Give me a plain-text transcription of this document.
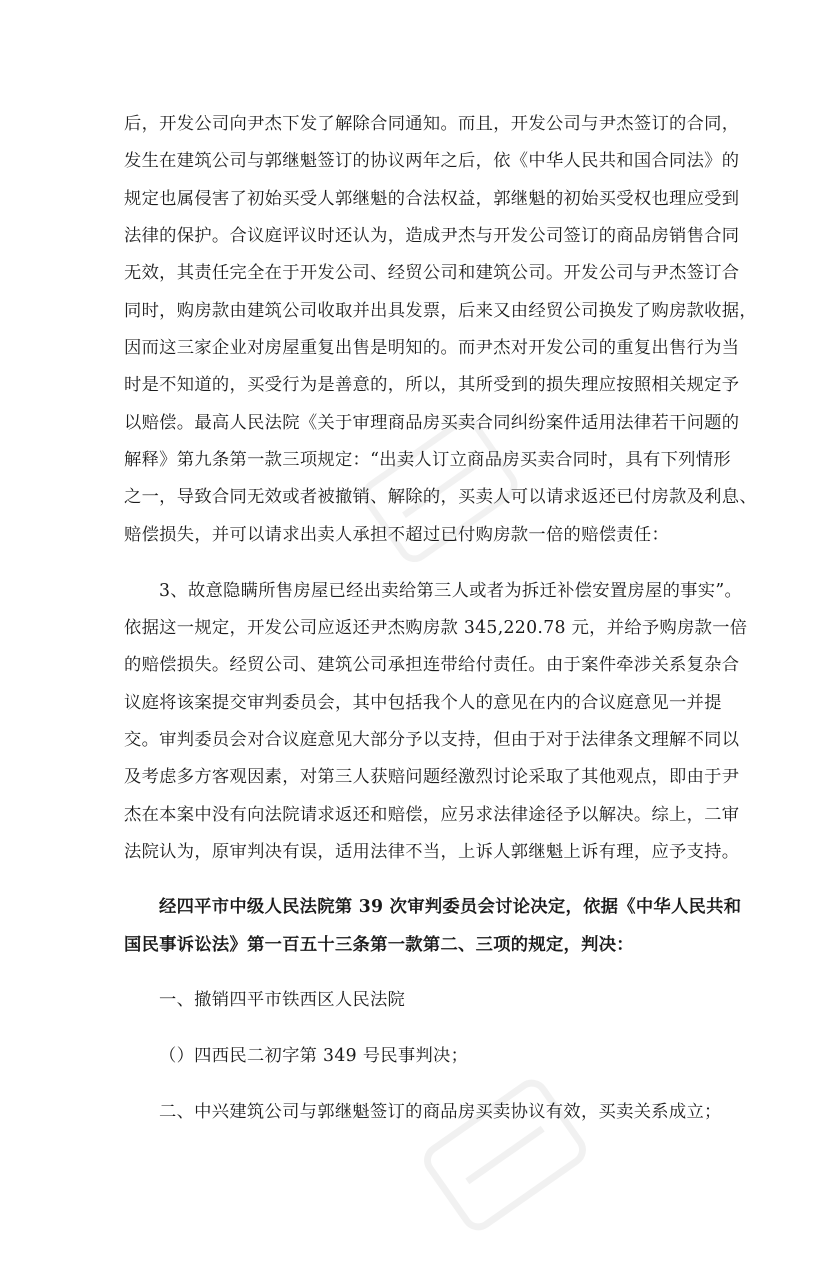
后，开发公司向尹杰下发了解除合同通知。而且，开发公司与尹杰签订的合同，
发生在建筑公司与郭继魁签订的协议两年之后，依《中华人民共和国合同法》的
规定也属侵害了初始买受人郭继魁的合法权益，郭继魁的初始买受权也理应受到
法律的保护。合议庭评议时还认为，造成尹杰与开发公司签订的商品房销售合同
无效，其责任完全在于开发公司、经贸公司和建筑公司。开发公司与尹杰签订合
同时，购房款由建筑公司收取并出具发票，后来又由经贸公司换发了购房款收据，
因而这三家企业对房屋重复出售是明知的。而尹杰对开发公司的重复出售行为当
时是不知道的，买受行为是善意的，所以，其所受到的损失理应按照相关规定予
以赔偿。最高人民法院《关于审理商品房买卖合同纠纷案件适用法律若干问题的
解释》第九条第一款三项规定：“出卖人订立商品房买卖合同时，具有下列情形
之一，导致合同无效或者被撤销、解除的，买卖人可以请求返还已付房款及利息、
赔偿损失，并可以请求出卖人承担不超过已付购房款一倍的赔偿责任：
3、故意隐瞒所售房屋已经出卖给第三人或者为拆迁补偿安置房屋的事实”。
依据这一规定，开发公司应返还尹杰购房款 345,220.78 元，并给予购房款一倍
的赔偿损失。经贸公司、建筑公司承担连带给付责任。由于案件牵涉关系复杂合
议庭将该案提交审判委员会，其中包括我个人的意见在内的合议庭意见一并提
交。审判委员会对合议庭意见大部分予以支持，但由于对于法律条文理解不同以
及考虑多方客观因素，对第三人获赔问题经激烈讨论采取了其他观点，即由于尹
杰在本案中没有向法院请求返还和赔偿，应另求法律途径予以解决。综上，二审
法院认为，原审判决有误，适用法律不当，上诉人郭继魁上诉有理，应予支持。
经四平市中级人民法院第 39 次审判委员会讨论决定，依据《中华人民共和
国民事诉讼法》第一百五十三条第一款第二、三项的规定，判决：
一、撤销四平市铁西区人民法院
（）四西民二初字第 349 号民事判决；
二、中兴建筑公司与郭继魁签订的商品房买卖协议有效，买卖关系成立；
